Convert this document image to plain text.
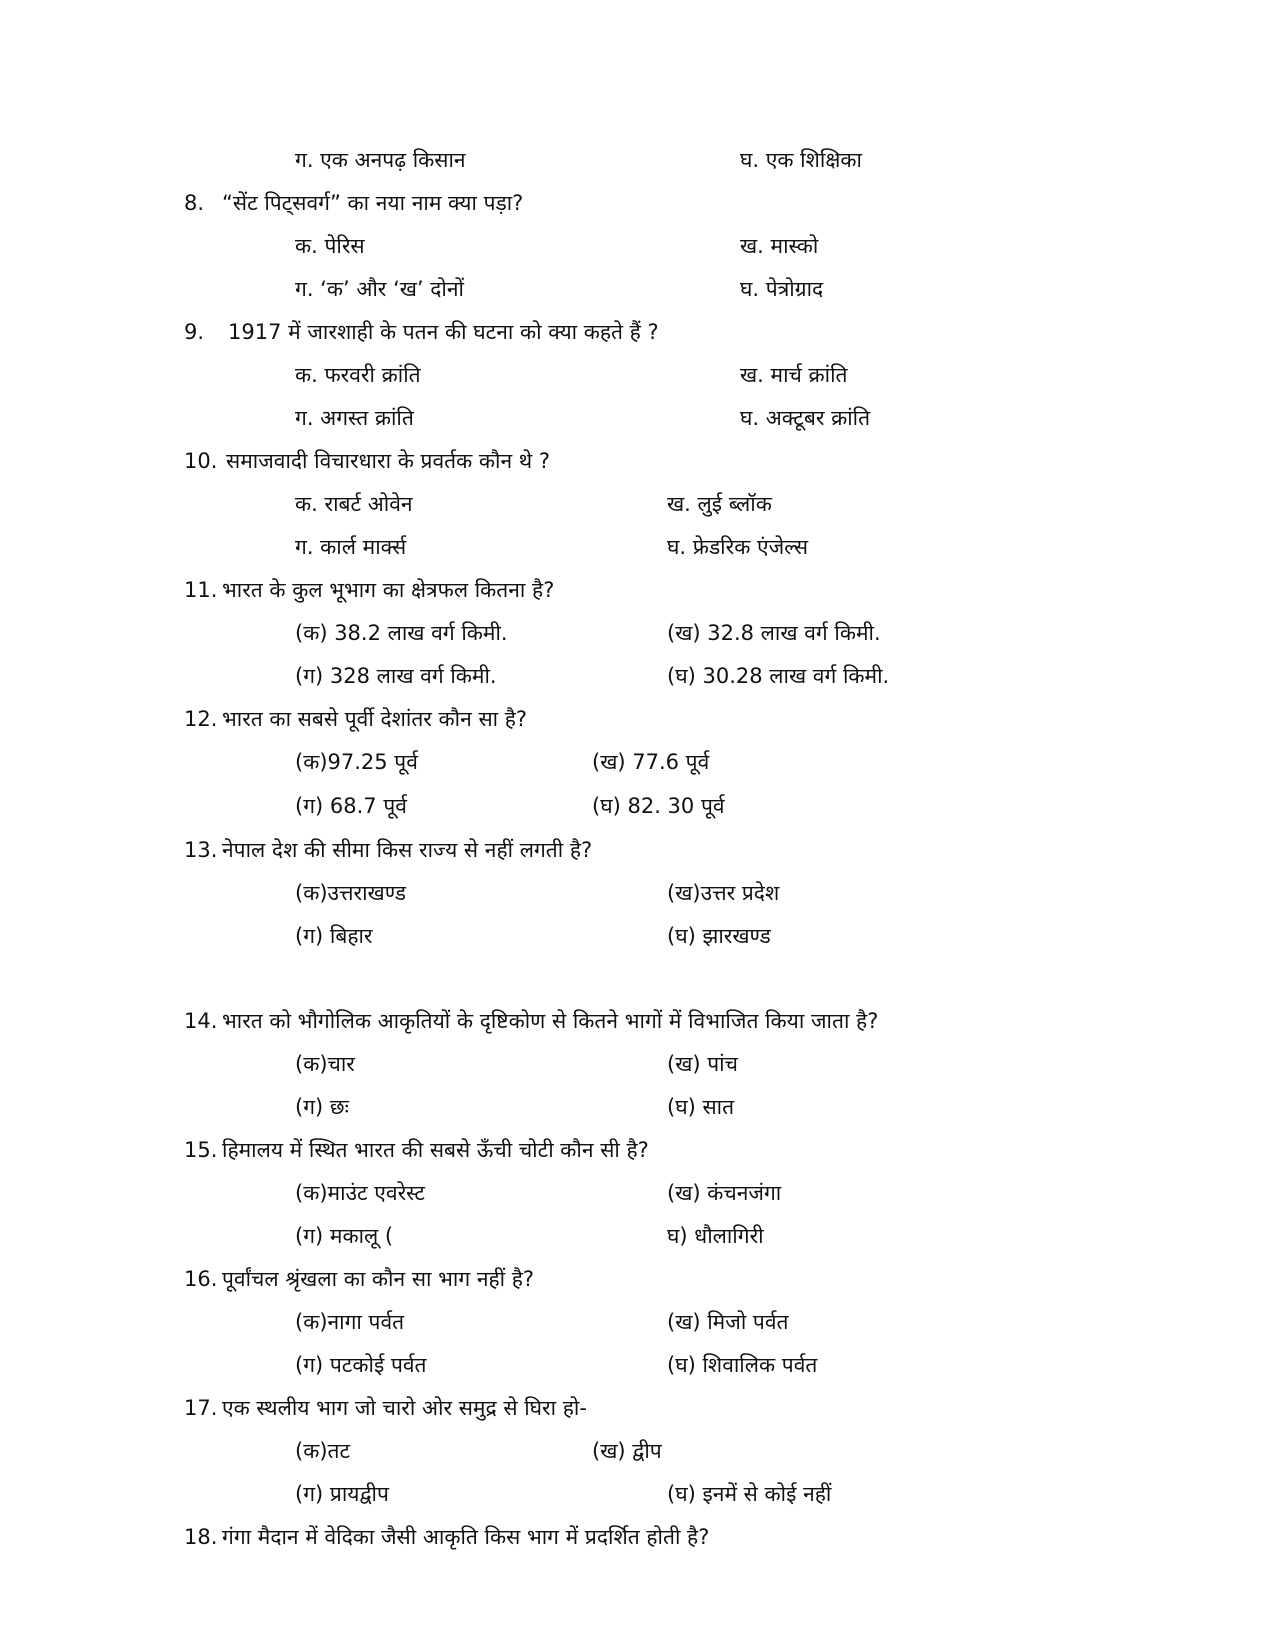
ग. एक अनपढ़ किसान	घ. एक शिक्षिका
8. “सेंट पिट्सवर्ग” का नया नाम क्या पड़ा?
क. पेरिस	ख. मास्को
ग. ‘क’ और ‘ख’ दोनों	घ. पेत्रोग्राद
9. 1917 में जारशाही के पतन की घटना को क्या कहते हैं ?
क. फरवरी क्रांति	ख. मार्च क्रांति
ग. अगस्त क्रांति	घ. अक्टूबर क्रांति
10. समाजवादी विचारधारा के प्रवर्तक कौन थे ?
क. राबर्ट ओवेन	ख. लुई ब्लॉक
ग. कार्ल मार्क्स	घ. फ्रेडरिक एंजेल्स
11. भारत के कुल भूभाग का क्षेत्रफल कितना है?
(क) 38.2 लाख वर्ग किमी.	(ख) 32.8 लाख वर्ग किमी.
(ग) 328 लाख वर्ग किमी.	(घ) 30.28 लाख वर्ग किमी.
12. भारत का सबसे पूर्वी देशांतर कौन सा है?
(क)97.25 पूर्व	(ख) 77.6 पूर्व
(ग) 68.7 पूर्व	(घ) 82. 30 पूर्व
13. नेपाल देश की सीमा किस राज्य से नहीं लगती है?
(क)उत्तराखण्ड	(ख)उत्तर प्रदेश
(ग) बिहार	(घ) झारखण्ड
14. भारत को भौगोलिक आकृतियों के दृष्टिकोण से कितने भागों में विभाजित किया जाता है?
(क)चार	(ख) पांच
(ग) छः	(घ) सात
15. हिमालय में स्थित भारत की सबसे ऊँची चोटी कौन सी है?
(क)माउंट एवरेस्ट	(ख) कंचनजंगा
(ग) मकालू (	घ) धौलागिरी
16. पूर्वांचल श्रृंखला का कौन सा भाग नहीं है?
(क)नागा पर्वत	(ख) मिजो पर्वत
(ग) पटकोई पर्वत	(घ) शिवालिक पर्वत
17. एक स्थलीय भाग जो चारो ओर समुद्र से घिरा हो-
(क)तट	(ख) द्वीप
(ग) प्रायद्वीप	(घ) इनमें से कोई नहीं
18. गंगा मैदान में वेदिका जैसी आकृति किस भाग में प्रदर्शित होती है?
